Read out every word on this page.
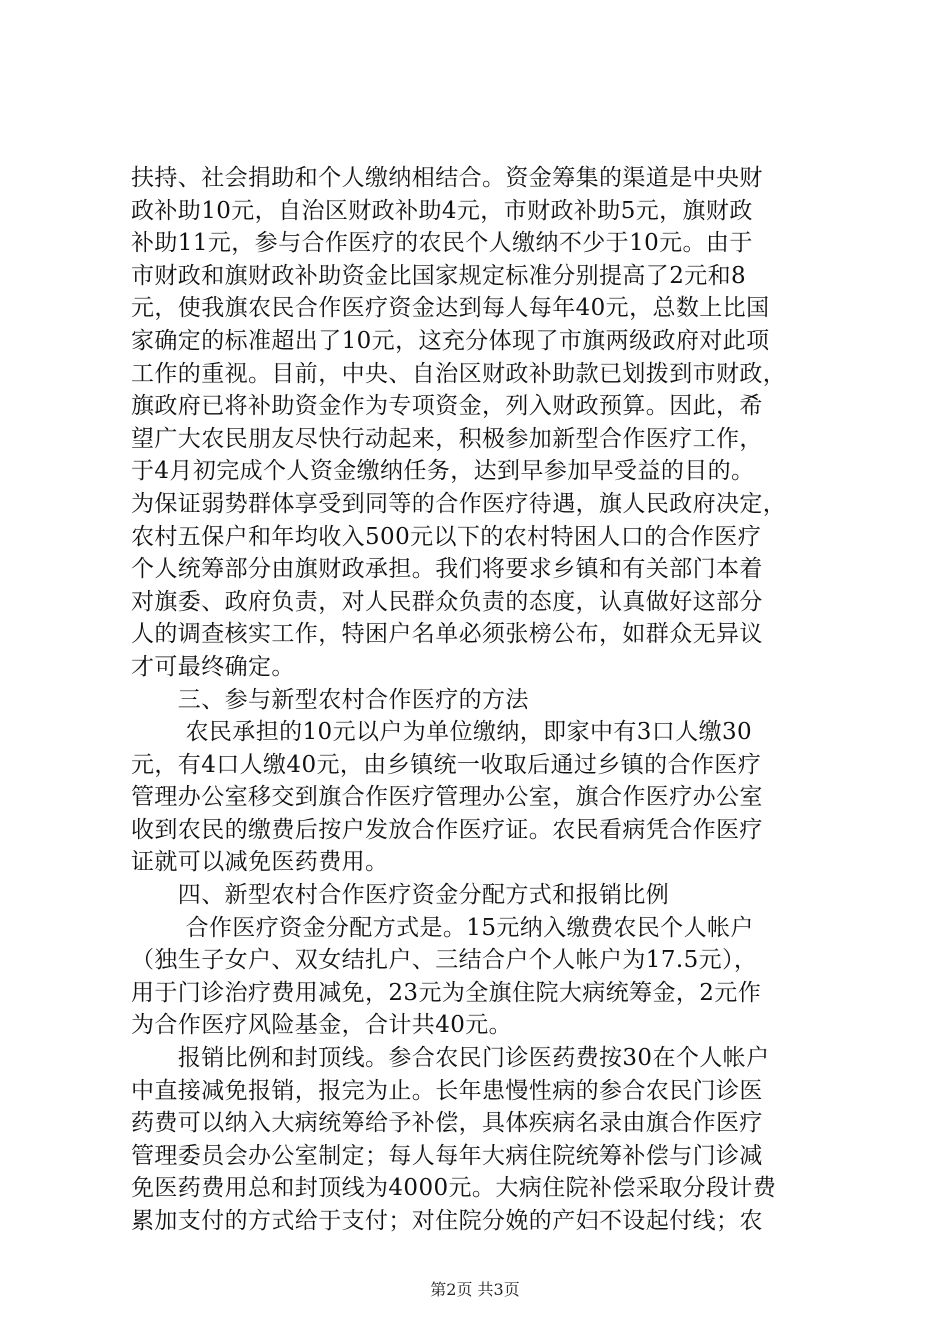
扶持、社会捐助和个人缴纳相结合。资金筹集的渠道是中央财
政补助10元，自治区财政补助4元，市财政补助5元，旗财政
补助11元，参与合作医疗的农民个人缴纳不少于10元。由于
市财政和旗财政补助资金比国家规定标准分别提高了2元和8
元，使我旗农民合作医疗资金达到每人每年40元，总数上比国
家确定的标准超出了10元，这充分体现了市旗两级政府对此项
工作的重视。目前，中央、自治区财政补助款已划拨到市财政，
旗政府已将补助资金作为专项资金，列入财政预算。因此，希
望广大农民朋友尽快行动起来，积极参加新型合作医疗工作，
于4月初完成个人资金缴纳任务，达到早参加早受益的目的。
为保证弱势群体享受到同等的合作医疗待遇，旗人民政府决定，
农村五保户和年均收入500元以下的农村特困人口的合作医疗
个人统筹部分由旗财政承担。我们将要求乡镇和有关部门本着
对旗委、政府负责，对人民群众负责的态度，认真做好这部分
人的调查核实工作，特困户名单必须张榜公布，如群众无异议
才可最终确定。
　　三、参与新型农村合作医疗的方法
　　 农民承担的10元以户为单位缴纳，即家中有3口人缴30
元，有4口人缴40元，由乡镇统一收取后通过乡镇的合作医疗
管理办公室移交到旗合作医疗管理办公室，旗合作医疗办公室
收到农民的缴费后按户发放合作医疗证。农民看病凭合作医疗
证就可以减免医药费用。
　　四、新型农村合作医疗资金分配方式和报销比例
　　 合作医疗资金分配方式是。15元纳入缴费农民个人帐户
（独生子女户、双女结扎户、三结合户个人帐户为17.5元），
用于门诊治疗费用减免，23元为全旗住院大病统筹金，2元作
为合作医疗风险基金，合计共40元。
　　报销比例和封顶线。参合农民门诊医药费按30在个人帐户
中直接减免报销，报完为止。长年患慢性病的参合农民门诊医
药费可以纳入大病统筹给予补偿，具体疾病名录由旗合作医疗
管理委员会办公室制定；每人每年大病住院统筹补偿与门诊减
免医药费用总和封顶线为4000元。大病住院补偿采取分段计费
累加支付的方式给于支付；对住院分娩的产妇不设起付线；农
第2页 共3页
